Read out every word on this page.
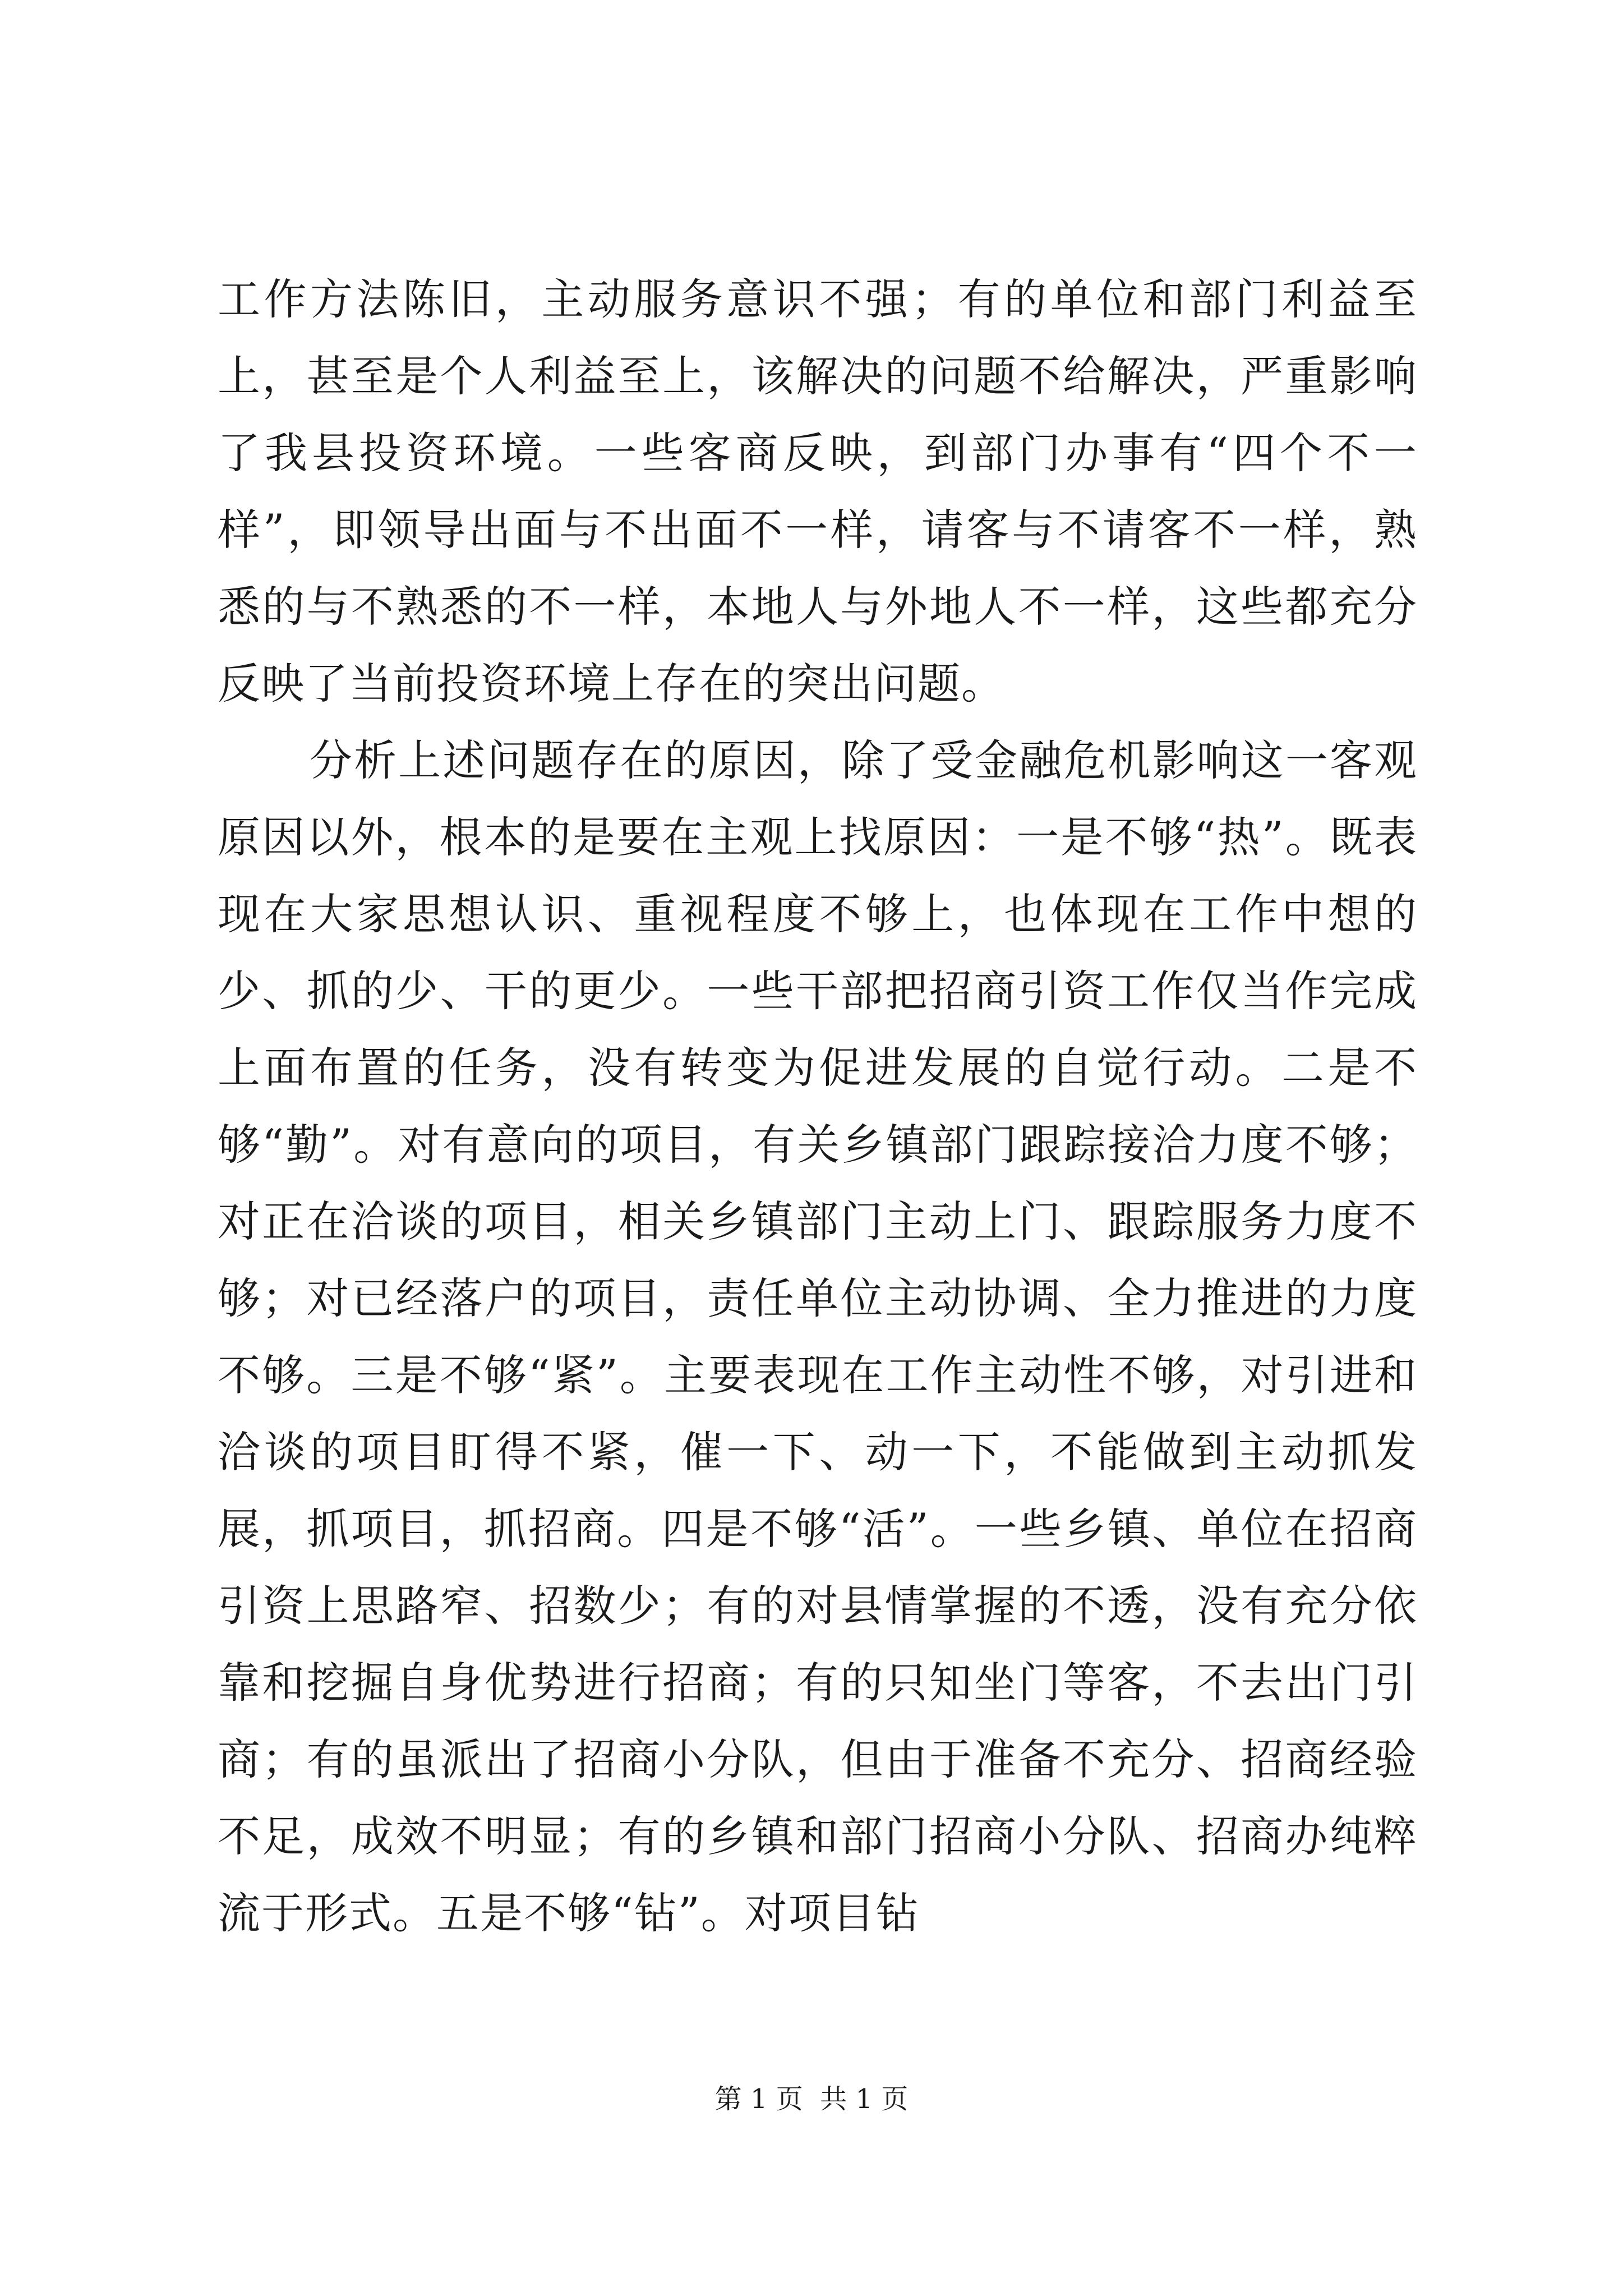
工作方法陈旧，主动服务意识不强；有的单位和部门利益至上，甚至是个人利益至上，该解决的问题不给解决，严重影响了我县投资环境。一些客商反映，到部门办事有“四个不一样”，即领导出面与不出面不一样，请客与不请客不一样，熟悉的与不熟悉的不一样，本地人与外地人不一样，这些都充分反映了当前投资环境上存在的突出问题。

分析上述问题存在的原因，除了受金融危机影响这一客观原因以外，根本的是要在主观上找原因：一是不够“热”。既表现在大家思想认识、重视程度不够上，也体现在工作中想的少、抓的少、干的更少。一些干部把招商引资工作仅当作完成上面布置的任务，没有转变为促进发展的自觉行动。二是不够“勤”。对有意向的项目，有关乡镇部门跟踪接洽力度不够；对正在洽谈的项目，相关乡镇部门主动上门、跟踪服务力度不够；对已经落户的项目，责任单位主动协调、全力推进的力度不够。三是不够“紧”。主要表现在工作主动性不够，对引进和洽谈的项目盯得不紧，催一下、动一下，不能做到主动抓发展，抓项目，抓招商。四是不够“活”。一些乡镇、单位在招商引资上思路窄、招数少；有的对县情掌握的不透，没有充分依靠和挖掘自身优势进行招商；有的只知坐门等客，不去出门引商；有的虽派出了招商小分队，但由于准备不充分、招商经验不足，成效不明显；有的乡镇和部门招商小分队、招商办纯粹流于形式。五是不够“钻”。对项目钻

第 1 页  共 1 页
